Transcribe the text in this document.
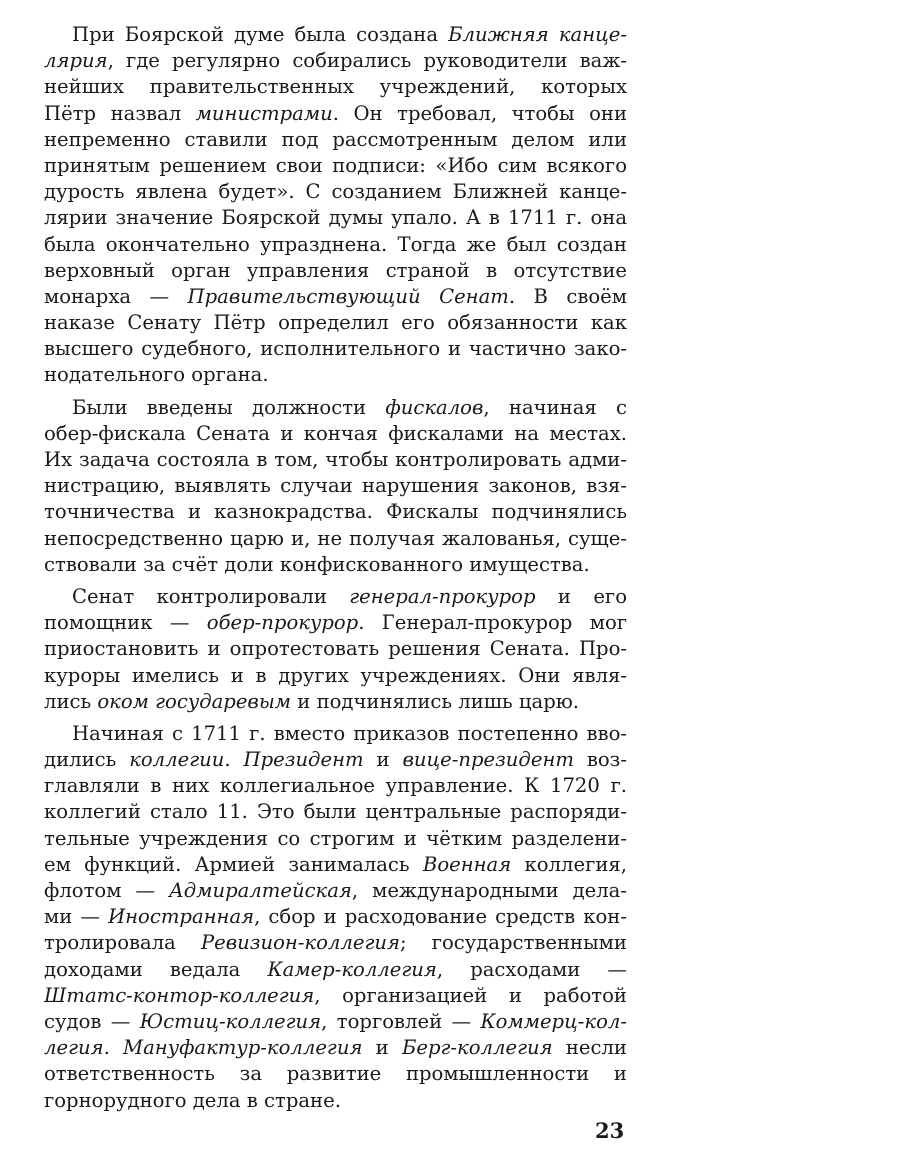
При Боярской думе была создана Ближняя канце-
лярия, где регулярно собирались руководители важ-
нейших правительственных учреждений, которых
Пётр назвал министрами. Он требовал, чтобы они
непременно ставили под рассмотренным делом или
принятым решением свои подписи: «Ибо сим всякого
дурость явлена будет». С созданием Ближней канце-
лярии значение Боярской думы упало. А в 1711 г. она
была окончательно упразднена. Тогда же был создан
верховный орган управления страной в отсутствие
монарха — Правительствующий Сенат. В своём
наказе Сенату Пётр определил его обязанности как
высшего судебного, исполнительного и частично зако-
нодательного органа.
Были введены должности фискалов, начиная с
обер-фискала Сената и кончая фискалами на местах.
Их задача состояла в том, чтобы контролировать адми-
нистрацию, выявлять случаи нарушения законов, взя-
точничества и казнокрадства. Фискалы подчинялись
непосредственно царю и, не получая жалованья, суще-
ствовали за счёт доли конфискованного имущества.
Сенат контролировали генерал-прокурор и его
помощник — обер-прокурор. Генерал-прокурор мог
приостановить и опротестовать решения Сената. Про-
куроры имелись и в других учреждениях. Они явля-
лись оком государевым и подчинялись лишь царю.
Начиная с 1711 г. вместо приказов постепенно вво-
дились коллегии. Президент и вице-президент воз-
главляли в них коллегиальное управление. К 1720 г.
коллегий стало 11. Это были центральные распоряди-
тельные учреждения со строгим и чётким разделени-
ем функций. Армией занималась Военная коллегия,
флотом — Адмиралтейская, международными дела-
ми — Иностранная, сбор и расходование средств кон-
тролировала Ревизион-коллегия; государственными
доходами ведала Камер-коллегия, расходами —
Штатс-контор-коллегия, организацией и работой
судов — Юстиц-коллегия, торговлей — Коммерц-кол-
легия. Мануфактур-коллегия и Берг-коллегия несли
ответственность за развитие промышленности и
горнорудного дела в стране.
23
